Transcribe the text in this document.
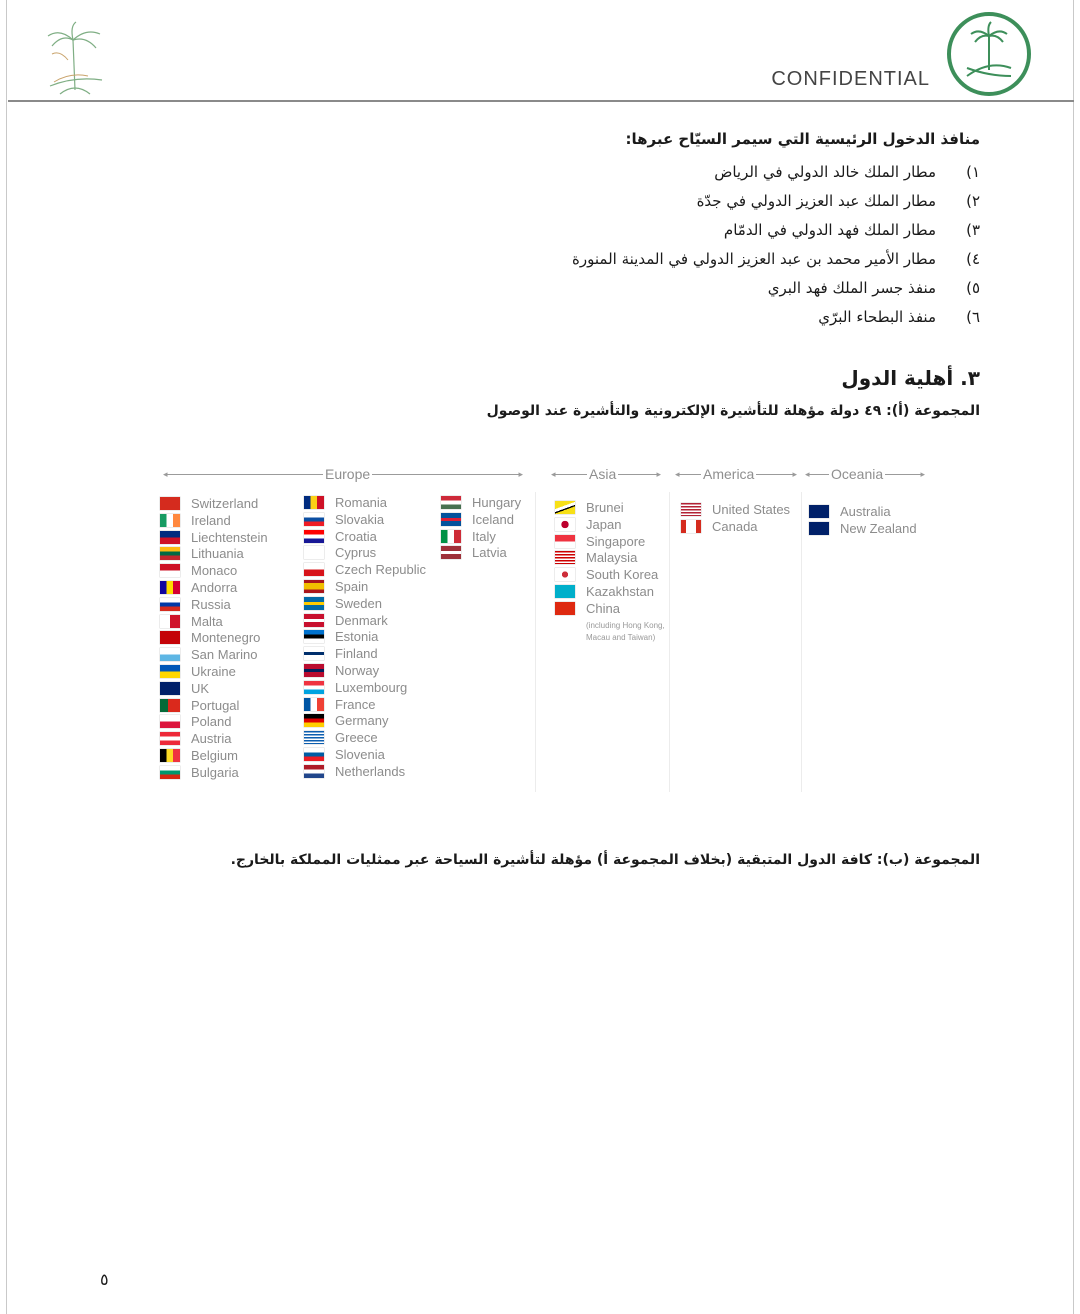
CONFIDENTIAL
منافذ الدخول الرئيسية التي سيمر السيّاح عبرها:
١)مطار الملك خالد الدولي في الرياض
٢)مطار الملك عبد العزيز الدولي في جدّة
٣)مطار الملك فهد الدولي في الدمّام
٤)مطار الأمير محمد بن عبد العزيز الدولي في المدينة المنورة
٥)منفذ جسر الملك فهد البري
٦)منفذ البطحاء البرّي
٣. أهلية الدول
المجموعة (أ): ٤٩ دولة مؤهلة للتأشيرة الإلكترونية والتأشيرة عند الوصول
◂	▸
Europe	◂	▸
Asia	◂	▸
America	◂	▸
Oceania
Switzerland
Ireland
Liechtenstein
Lithuania
Monaco
Andorra
Russia
Malta
Montenegro
San Marino
Ukraine
UK
Portugal
Poland
Austria
Belgium
Bulgaria
Romania
Slovakia
Croatia
Cyprus
Czech Republic
Spain
Sweden
Denmark
Estonia
Finland
Norway
Luxembourg
France
Germany
Greece
Slovenia
Netherlands
Hungary
Iceland
Italy
Latvia
Brunei
Japan
Singapore
Malaysia
South Korea
Kazakhstan
China
United States
Canada
Australia
New Zealand
(including Hong Kong, Macau and Taiwan)
المجموعة (ب): كافة الدول المتبقية (بخلاف المجموعة أ) مؤهلة لتأشيرة السياحة عبر ممثليات المملكة بالخارج.
٥
